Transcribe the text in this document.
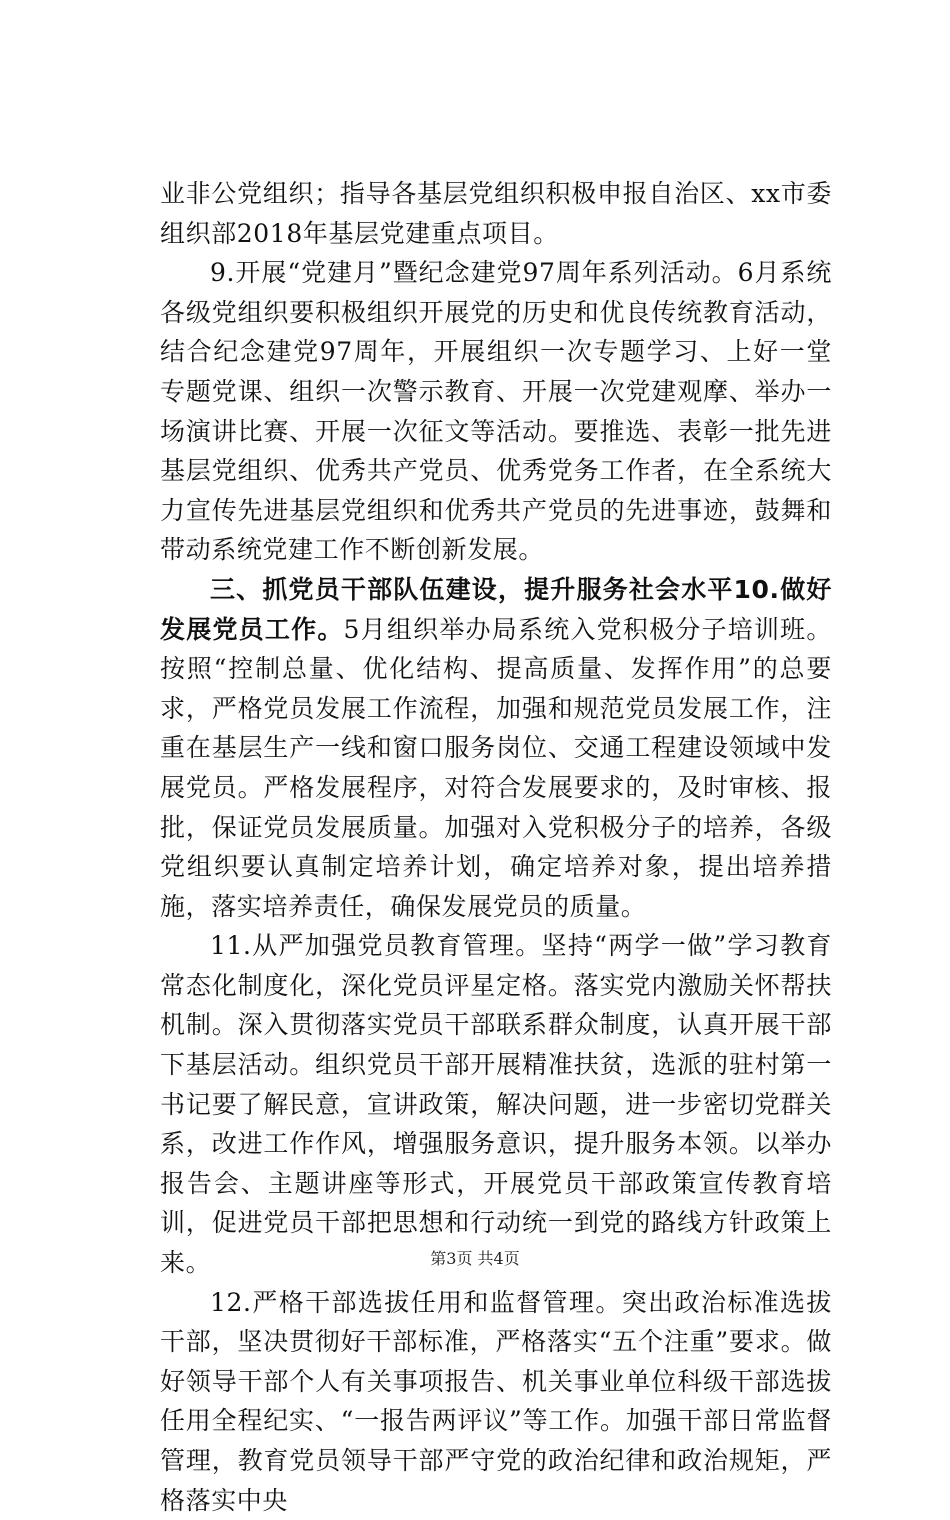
业非公党组织；指导各基层党组织积极申报自治区、xx市委组织部2018年基层党建重点项目。

9.开展“党建月”暨纪念建党97周年系列活动。6月系统各级党组织要积极组织开展党的历史和优良传统教育活动，结合纪念建党97周年，开展组织一次专题学习、上好一堂专题党课、组织一次警示教育、开展一次党建观摩、举办一场演讲比赛、开展一次征文等活动。要推选、表彰一批先进基层党组织、优秀共产党员、优秀党务工作者，在全系统大力宣传先进基层党组织和优秀共产党员的先进事迹，鼓舞和带动系统党建工作不断创新发展。

三、抓党员干部队伍建设，提升服务社会水平10.做好发展党员工作。5月组织举办局系统入党积极分子培训班。按照“控制总量、优化结构、提高质量、发挥作用”的总要求，严格党员发展工作流程，加强和规范党员发展工作，注重在基层生产一线和窗口服务岗位、交通工程建设领域中发展党员。严格发展程序，对符合发展要求的，及时审核、报批，保证党员发展质量。加强对入党积极分子的培养，各级党组织要认真制定培养计划，确定培养对象，提出培养措施，落实培养责任，确保发展党员的质量。

11.从严加强党员教育管理。坚持“两学一做”学习教育常态化制度化，深化党员评星定格。落实党内激励关怀帮扶机制。深入贯彻落实党员干部联系群众制度，认真开展干部下基层活动。组织党员干部开展精准扶贫，选派的驻村第一书记要了解民意，宣讲政策，解决问题，进一步密切党群关系，改进工作作风，增强服务意识，提升服务本领。以举办报告会、主题讲座等形式，开展党员干部政策宣传教育培训，促进党员干部把思想和行动统一到党的路线方针政策上来。

12.严格干部选拔任用和监督管理。突出政治标准选拔干部，坚决贯彻好干部标准，严格落实“五个注重”要求。做好领导干部个人有关事项报告、机关事业单位科级干部选拔任用全程纪实、“一报告两评议”等工作。加强干部日常监督管理，教育党员领导干部严守党的政治纪律和政治规矩，严格落实中央

第3页 共4页
